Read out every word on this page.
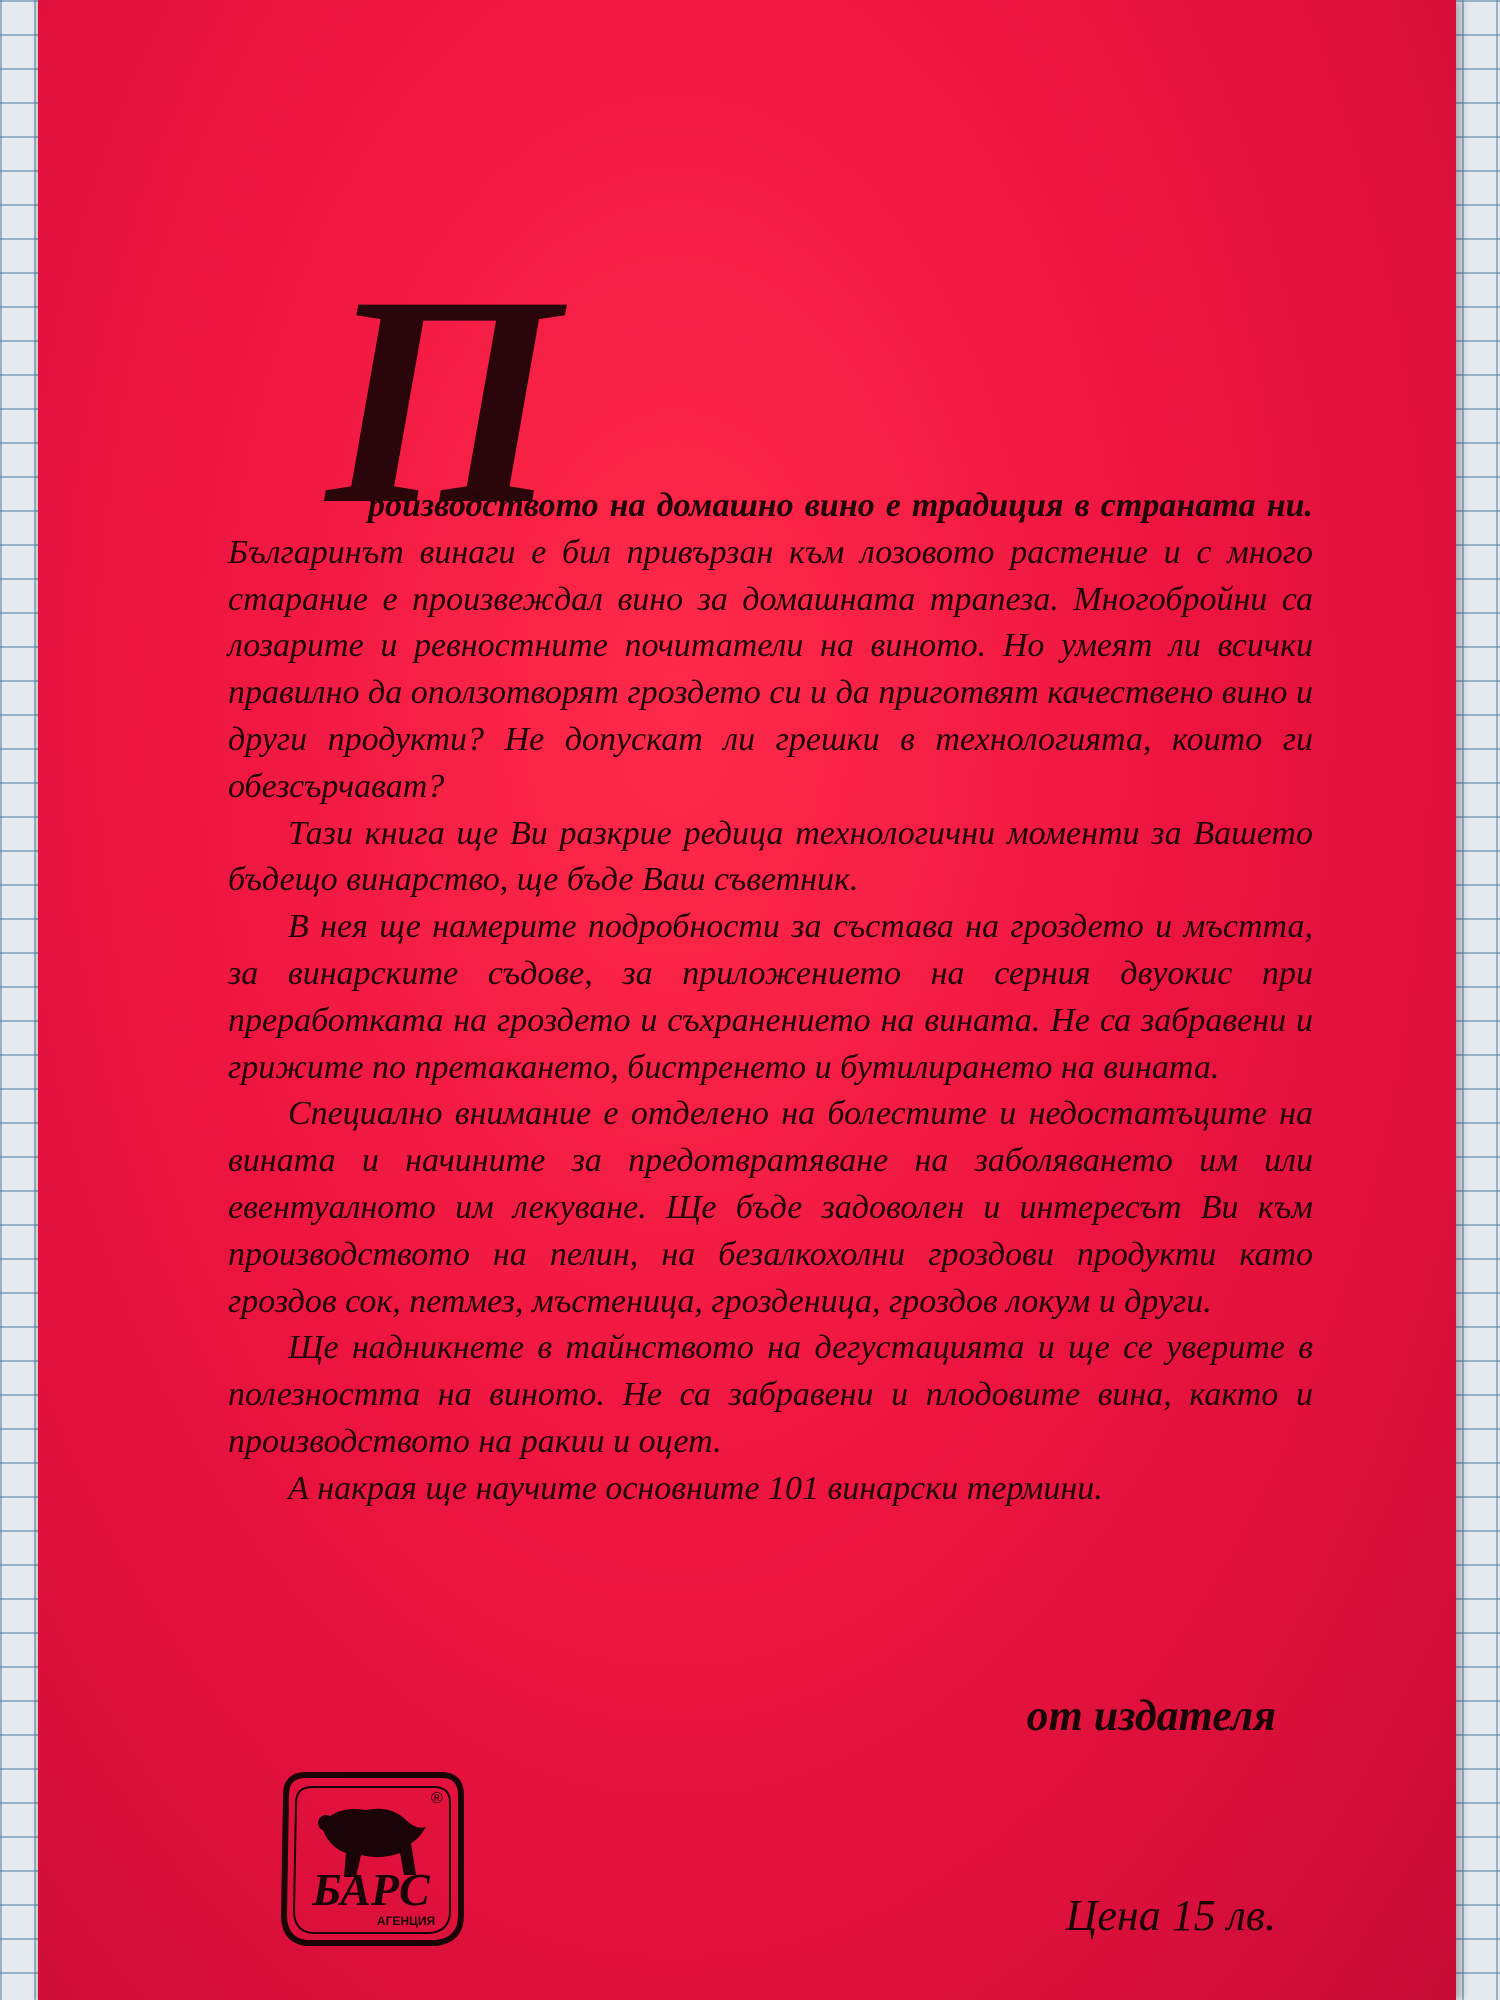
П

роизводството на домашно вино е традиция в страната ни. Българинът винаги е бил привързан към лозовото растение и с много старание е произвеждал вино за домашната трапеза. Многобройни са лозарите и ревностните почитатели на виното. Но умеят ли всички правилно да оползотворят гроздето си и да приготвят качествено вино и други продукти? Не допускат ли грешки в технологията, които ги обезсърчават?

Тази книга ще Ви разкрие редица технологични моменти за Вашето бъдещо винарство, ще бъде Ваш съветник.

В нея ще намерите подробности за състава на гроздето и мъстта, за винарските съдове, за приложението на серния двуокис при преработката на гроздето и съхранението на вината. Не са забравени и грижите по претакането, бистренето и бутилирането на вината.

Специално внимание е отделено на болестите и недостатъците на вината и начините за предотвратяване на заболяването им или евентуалното им лекуване. Ще бъде задоволен и интересът Ви към производството на пелин, на безалкохолни гроздови продукти като гроздов сок, петмез, мъстеница, грозденица, гроздов локум и други.

Ще надникнете в тайнството на дегустацията и ще се уверите в полезността на виното. Не са забравени и плодовите вина, както и производството на ракии и оцет.

А накрая ще научите основните 101 винарски термини.

от издателя
®
БАРС
АГЕНЦИЯ	Цена 15 лв.
